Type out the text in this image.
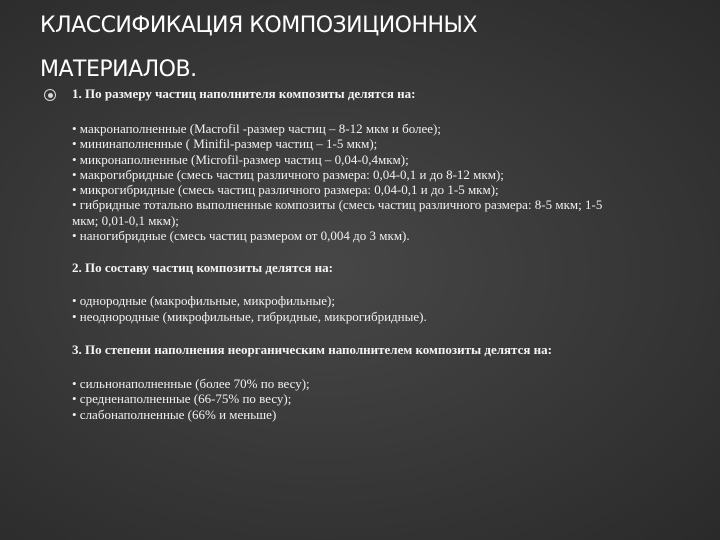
КЛАССИФИКАЦИЯ КОМПОЗИЦИОННЫХ
МАТЕРИАЛОВ.
1. По размеру частиц наполнителя композиты делятся на:
• макронаполненные (Macrofil -размер частиц – 8-12 мкм и более);
• мининаполненные ( Minifil-размер частиц – 1-5 мкм);
• микронаполненные (Microfil-размер частиц – 0,04-0,4мкм);
• макрогибридные (смесь частиц различного размера: 0,04-0,1 и до 8-12 мкм);
• микрогибридные (смесь частиц различного размера: 0,04-0,1 и до 1-5 мкм);
• гибридные тотально выполненные композиты (смесь частиц различного размера: 8-5 мкм; 1-5 мкм; 0,01-0,1 мкм);
• наногибридные (смесь частиц размером от 0,004 до 3 мкм).
2. По составу частиц композиты делятся на:
• однородные (макрофильные, микрофильные);
• неоднородные (микрофильные, гибридные, микрогибридные).
3. По степени наполнения неорганическим наполнителем композиты делятся на:
• сильнонаполненные (более 70% по весу);
• средненаполненные (66-75% по весу);
• слабонаполненные (66% и меньше)
